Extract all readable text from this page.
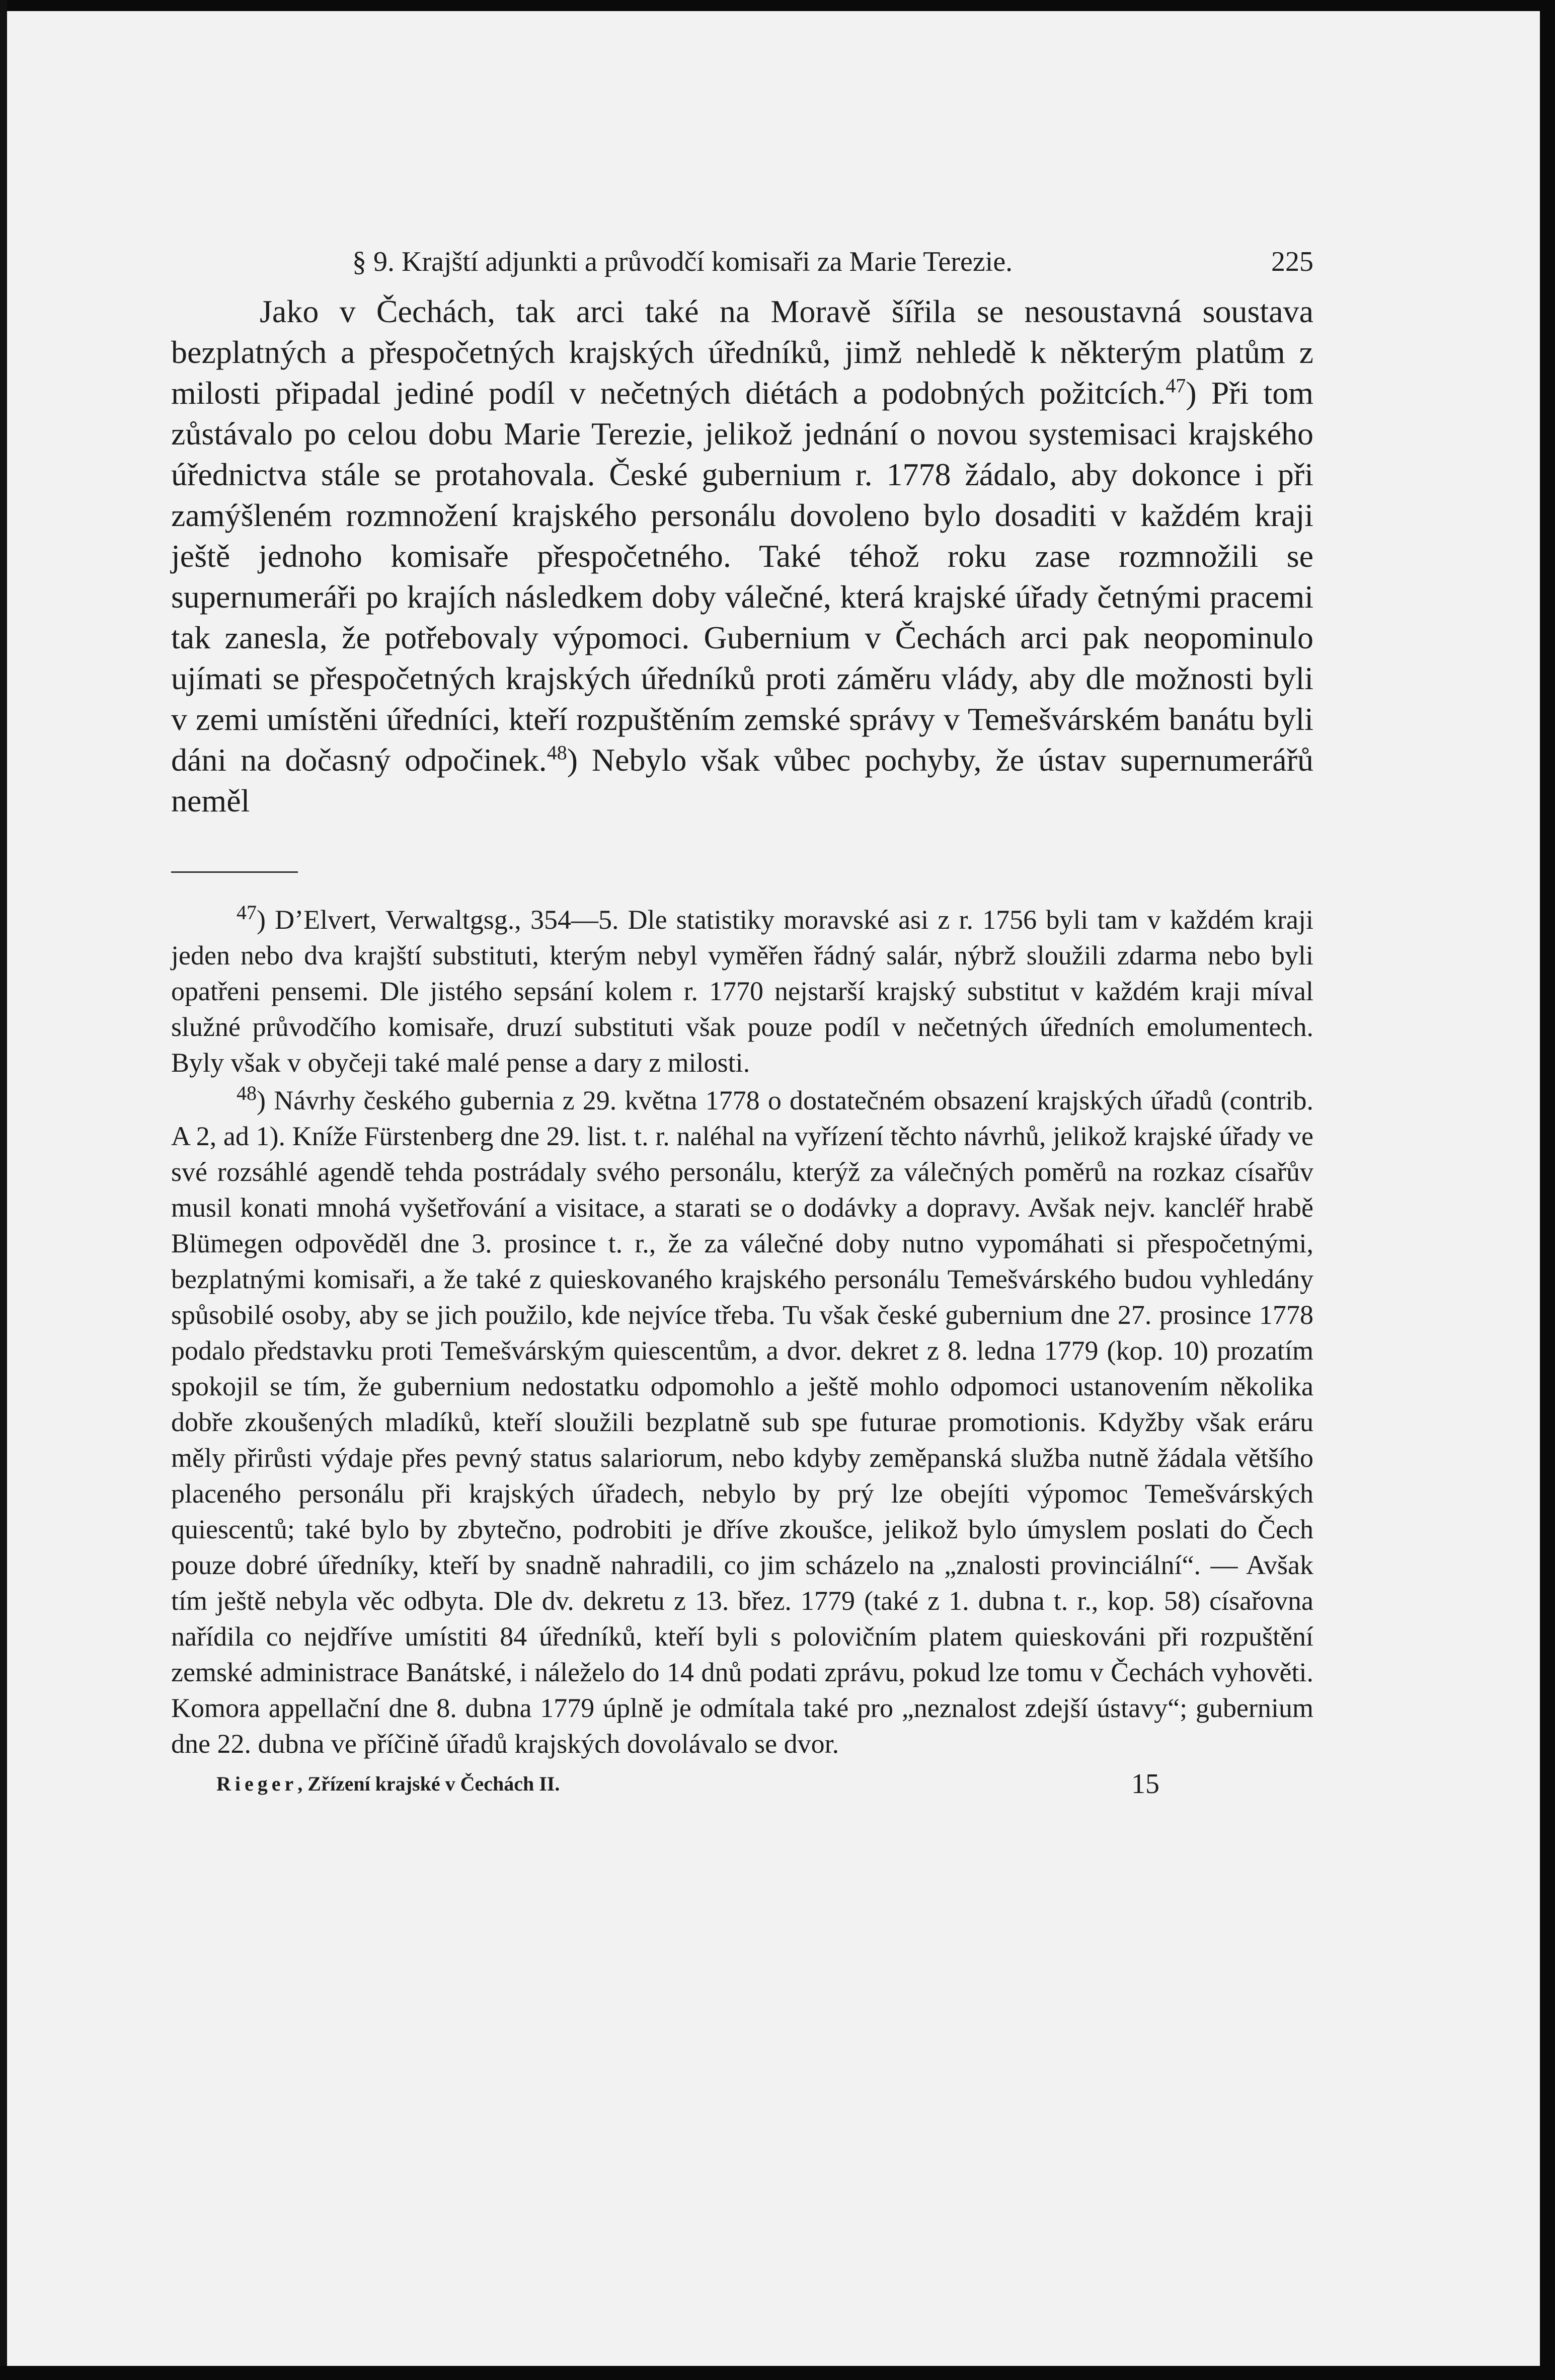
§ 9. Krajští adjunkti a průvodčí komisaři za Marie Terezie.	225

Jako v Čechách, tak arci také na Moravě šířila se nesoustavná soustava bezplatných a přespočetných krajských úředníků, jimž nehledě k některým platům z milosti připadal jediné podíl v nečetných diétách a podobných požitcích.$^{47}$) Při tom zůstávalo po celou dobu Marie Terezie, jelikož jednání o novou systemisaci krajského úřednictva stále se protahovala. České gubernium r. 1778 žádalo, aby dokonce i při zamýšleném rozmnožení krajského personálu dovoleno bylo dosaditi v každém kraji ještě jednoho komisaře přespočetného. Také téhož roku zase rozmnožili se supernumeráři po krajích následkem doby válečné, která krajské úřady četnými pracemi tak zanesla, že potřebovaly výpomoci. Gubernium v Čechách arci pak neopominulo ujímati se přespočetných krajských úředníků proti záměru vlády, aby dle možnosti byli v zemi umístěni úředníci, kteří rozpuštěním zemské správy v Temešvárském banátu byli dáni na dočasný odpočinek.$^{48}$) Nebylo však vůbec pochyby, že ústav supernumerářů neměl

$^{47}$) D’Elvert, Verwaltgsg., 354—5. Dle statistiky moravské asi z r. 1756 byli tam v každém kraji jeden nebo dva krajští substituti, kterým nebyl vyměřen řádný salár, nýbrž sloužili zdarma nebo byli opatřeni pensemi. Dle jistého sepsání kolem r. 1770 nejstarší krajský substitut v každém kraji míval služné průvodčího komisaře, druzí substituti však pouze podíl v nečetných úředních emolumentech. Byly však v obyčeji také malé pense a dary z milosti.

$^{48}$) Návrhy českého gubernia z 29. května 1778 o dostatečném obsazení krajských úřadů (contrib. A 2, ad 1). Kníže Fürstenberg dne 29. list. t. r. naléhal na vyřízení těchto návrhů, jelikož krajské úřady ve své rozsáhlé agendě tehda postrádaly svého personálu, kterýž za válečných poměrů na rozkaz císařův musil konati mnohá vyšetřování a visitace, a starati se o dodávky a dopravy. Avšak nejv. kancléř hrabě Blümegen odpověděl dne 3. prosince t. r., že za válečné doby nutno vypomáhati si přespočetnými, bezplatnými komisaři, a že také z quieskovaného krajského personálu Temešvárského budou vyhledány spůsobilé osoby, aby se jich použilo, kde nejvíce třeba. Tu však české gubernium dne 27. prosince 1778 podalo představku proti Temešvárským quiescentům, a dvor. dekret z 8. ledna 1779 (kop. 10) prozatím spokojil se tím, že gubernium nedostatku odpomohlo a ještě mohlo odpomoci ustanovením několika dobře zkoušených mladíků, kteří sloužili bezplatně sub spe futurae promotionis. Kdyžby však eráru měly přirůsti výdaje přes pevný status salariorum, nebo kdyby zeměpanská služba nutně žádala většího placeného personálu při krajských úřadech, nebylo by prý lze obejíti výpomoc Temešvárských quiescentů; také bylo by zbytečno, podrobiti je dříve zkoušce, jelikož bylo úmyslem poslati do Čech pouze dobré úředníky, kteří by snadně nahradili, co jim scházelo na „znalosti provinciální“. — Avšak tím ještě nebyla věc odbyta. Dle dv. dekretu z 13. břez. 1779 (také z 1. dubna t. r., kop. 58) císařovna nařídila co nejdříve umístiti 84 úředníků, kteří byli s polovičním platem quieskováni při rozpuštění zemské administrace Banátské, i náleželo do 14 dnů podati zprávu, pokud lze tomu v Čechách vyhověti. Komora appellační dne 8. dubna 1779 úplně je odmítala také pro „neznalost zdejší ústavy“; gubernium dne 22. dubna ve příčině úřadů krajských dovolávalo se dvor.

Rieger, Zřízení krajské v Čechách II.	15
